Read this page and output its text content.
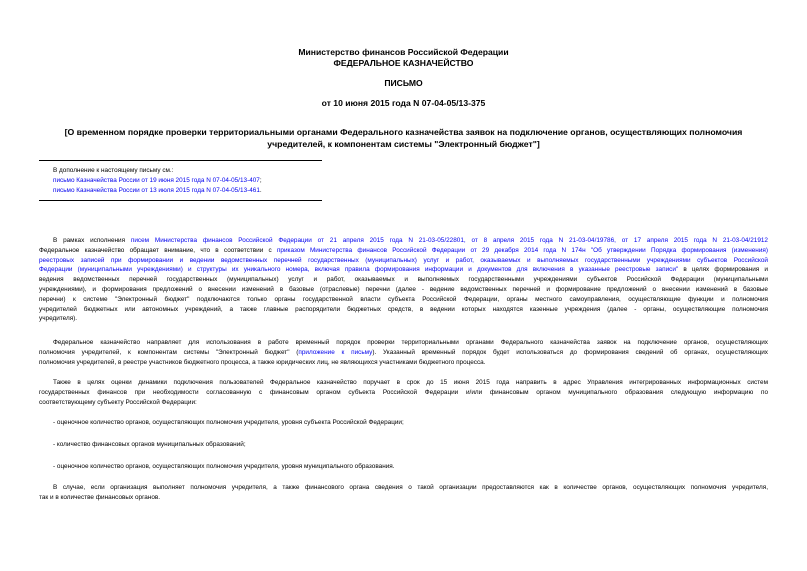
Министерство финансов Российской Федерации
ФЕДЕРАЛЬНОЕ КАЗНАЧЕЙСТВО
ПИСЬМО
от 10 июня 2015 года N 07-04-05/13-375
[О временном порядке проверки территориальными органами Федерального казначейства заявок на подключение органов, осуществляющих полномочия
учредителей, к компонентам системы "Электронный бюджет"]
В дополнение к настоящему письму см.:
письмо Казначейства России от 19 июня 2015 года N 07-04-05/13-407;
письмо Казначейства России от 13 июля 2015 года N 07-04-05/13-461.
В рамках исполнения писем Министерства финансов Российской Федерации от 21 апреля 2015 года N 21-03-05/22801, от 8 апреля 2015 года N 21-03-04/19786, от 17 апреля 2015 года N 21-03-04/21912
Федеральное казначейство обращает внимание, что в соответствии с приказом Министерства финансов Российской Федерации от 29 декабря 2014 года N 174н "Об утверждении Порядка формирования (изменения)
реестровых записей при формировании и ведении ведомственных перечней государственных (муниципальных) услуг и работ, оказываемых и выполняемых государственными учреждениями субъектов Российской
Федерации (муниципальными учреждениями) и структуры их уникального номера, включая правила формирования информации и документов для включения в указанные реестровые записи" в целях формирования и
ведения ведомственных перечней государственных (муниципальных) услуг и работ, оказываемых и выполняемых государственными учреждениями субъектов Российской Федерации (муниципальными
учреждениями), и формирования предложений о внесении изменений в базовые (отраслевые) перечни (далее - ведение ведомственных перечней и формирование предложений о внесении изменений в базовые
перечни) к системе "Электронный бюджет" подключаются только органы государственной власти субъекта Российской Федерации, органы местного самоуправления, осуществляющие функции и полномочия
учредителей бюджетных или автономных учреждений, а также главные распорядители бюджетных средств, в ведении которых находятся казенные учреждения (далее - органы, осуществляющие полномочия
учредителя).
Федеральное казначейство направляет для использования в работе временный порядок проверки территориальными органами Федерального казначейства заявок на подключение органов, осуществляющих
полномочия учредителей, к компонентам системы "Электронный бюджет" (приложение к письму). Указанный временный порядок будет использоваться до формирования сведений об органах, осуществляющих
полномочия учредителей, в реестре участников бюджетного процесса, а также юридических лиц, не являющихся участниками бюджетного процесса.
Также в целях оценки динамики подключения пользователей Федеральное казначейство поручает в срок до 15 июня 2015 года направить в адрес Управления интегрированных информационных систем
государственных финансов при необходимости согласованную с финансовым органом субъекта Российской Федерации и/или финансовым органом муниципального образования следующую информацию по
соответствующему субъекту Российской Федерации:
- оценочное количество органов, осуществляющих полномочия учредителя, уровня субъекта Российской Федерации;
- количество финансовых органов муниципальных образований;
- оценочное количество органов, осуществляющих полномочия учредителя, уровня муниципального образования.
В случае, если организация выполняет полномочия учредителя, а также финансового органа сведения о такой организации предоставляются как в количестве органов, осуществляющих полномочия учредителя,
так и в количестве финансовых органов.
